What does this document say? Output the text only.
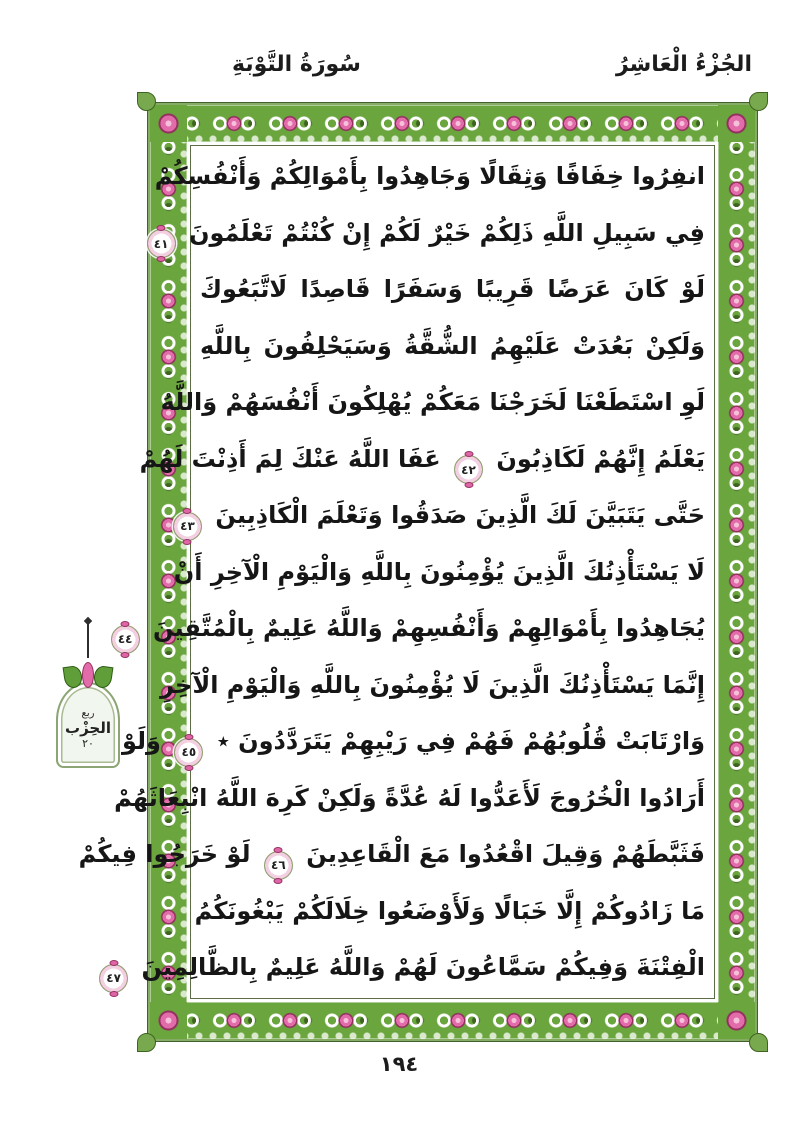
الجُزْءُ الْعَاشِرُ
سُورَةُ التَّوْبَةِ
انفِرُوا خِفَافًا وَثِقَالًا وَجَاهِدُوا بِأَمْوَالِكُمْ وَأَنْفُسِكُمْ
فِي سَبِيلِ اللَّهِ ذَلِكُمْ خَيْرٌ لَكُمْ إِنْ كُنْتُمْ تَعْلَمُونَ
٤١
لَوْ كَانَ عَرَضًا قَرِيبًا وَسَفَرًا قَاصِدًا لَاتَّبَعُوكَ
وَلَكِنْ بَعُدَتْ عَلَيْهِمُ الشُّقَّةُ وَسَيَحْلِفُونَ بِاللَّهِ
لَوِ اسْتَطَعْنَا لَخَرَجْنَا مَعَكُمْ يُهْلِكُونَ أَنْفُسَهُمْ وَاللَّهُ
يَعْلَمُ إِنَّهُمْ لَكَاذِبُونَ
٤٢
عَفَا اللَّهُ عَنْكَ لِمَ أَذِنْتَ لَهُمْ
حَتَّى يَتَبَيَّنَ لَكَ الَّذِينَ صَدَقُوا وَتَعْلَمَ الْكَاذِبِينَ
٤٣
لَا يَسْتَأْذِنُكَ الَّذِينَ يُؤْمِنُونَ بِاللَّهِ وَالْيَوْمِ الْآخِرِ أَنْ
يُجَاهِدُوا بِأَمْوَالِهِمْ وَأَنْفُسِهِمْ وَاللَّهُ عَلِيمٌ بِالْمُتَّقِينَ
٤٤
إِنَّمَا يَسْتَأْذِنُكَ الَّذِينَ لَا يُؤْمِنُونَ بِاللَّهِ وَالْيَوْمِ الْآخِرِ
وَارْتَابَتْ قُلُوبُهُمْ فَهُمْ فِي رَيْبِهِمْ يَتَرَدَّدُونَ ٭
٤٥
وَلَوْ
أَرَادُوا الْخُرُوجَ لَأَعَدُّوا لَهُ عُدَّةً وَلَكِنْ كَرِهَ اللَّهُ انْبِعَاثَهُمْ
فَثَبَّطَهُمْ وَقِيلَ اقْعُدُوا مَعَ الْقَاعِدِينَ
٤٦
لَوْ خَرَجُوا فِيكُمْ
مَا زَادُوكُمْ إِلَّا خَبَالًا وَلَأَوْضَعُوا خِلَالَكُمْ يَبْغُونَكُمُ
الْفِتْنَةَ وَفِيكُمْ سَمَّاعُونَ لَهُمْ وَاللَّهُ عَلِيمٌ بِالظَّالِمِينَ
٤٧
ربع
الحِزْب
٢٠
١٩٤
